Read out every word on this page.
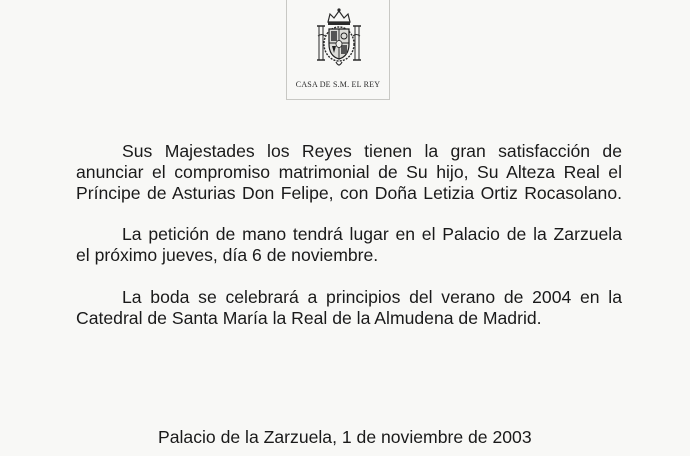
CASA DE S.M. EL REY

Sus Majestades los Reyes tienen la gran satisfacción de
anunciar el compromiso matrimonial de Su hijo, Su Alteza Real el
Príncipe de Asturias Don Felipe, con Doña Letizia Ortiz Rocasolano.

La petición de mano tendrá lugar en el Palacio de la Zarzuela
el próximo jueves, día 6 de noviembre.

La boda se celebrará a principios del verano de 2004 en la
Catedral de Santa María la Real de la Almudena de Madrid.

Palacio de la Zarzuela, 1 de noviembre de 2003
